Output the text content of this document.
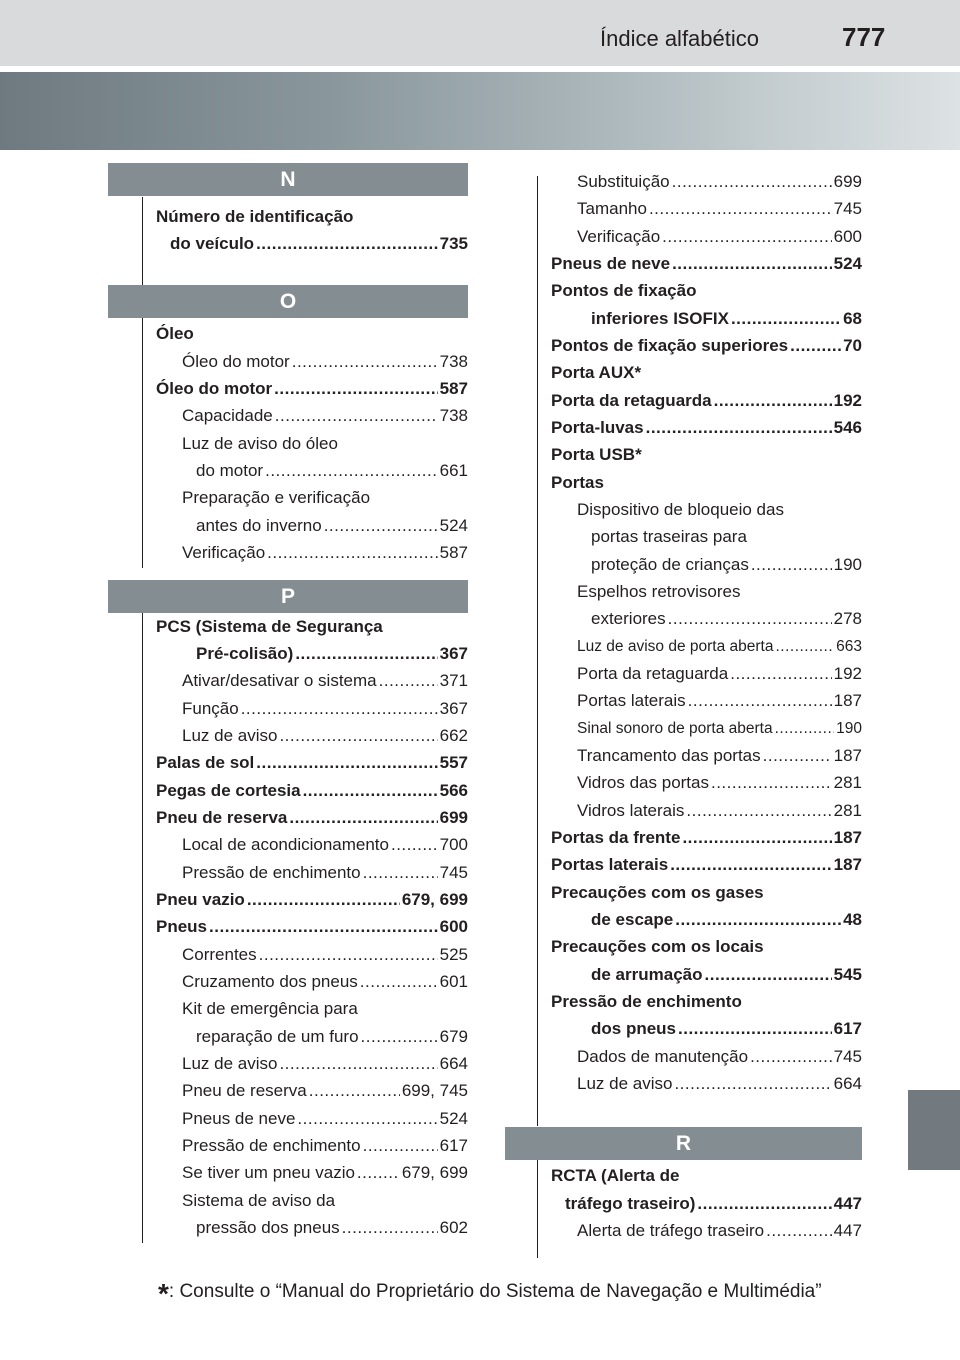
Índice alfabético	777
N
O
P
R
Número de identificação
do veículo .....	735
Óleo
Óleo do motor .....	738
Óleo do motor .....	587
Capacidade .....	738
Luz de aviso do óleo
do motor .....	661
Preparação e verificação
antes do inverno .....	524
Verificação .....	587
PCS (Sistema de Segurança
Pré-colisão) .....	367
Ativar/desativar o sistema .....	371
Função .....	367
Luz de aviso .....	662
Palas de sol .....	557
Pegas de cortesia .....	566
Pneu de reserva .....	699
Local de acondicionamento .....	700
Pressão de enchimento .....	745
Pneu vazio .....	679, 699
Pneus .....	600
Correntes .....	525
Cruzamento dos pneus .....	601
Kit de emergência para
reparação de um furo .....	679
Luz de aviso .....	664
Pneu de reserva .....	699, 745
Pneus de neve .....	524
Pressão de enchimento .....	617
Se tiver um pneu vazio .....	679, 699
Sistema de aviso da
pressão dos pneus .....	602
Substituição .....	699
Tamanho .....	745
Verificação .....	600
Pneus de neve .....	524
Pontos de fixação
inferiores ISOFIX .....	68
Pontos de fixação superiores .....	70
Porta AUX*
Porta da retaguarda .....	192
Porta-luvas .....	546
Porta USB*
Portas
Dispositivo de bloqueio das
portas traseiras para
proteção de crianças .....	190
Espelhos retrovisores
exteriores .....	278
Luz de aviso de porta aberta .....	663
Porta da retaguarda .....	192
Portas laterais .....	187
Sinal sonoro de porta aberta .....	190
Trancamento das portas .....	187
Vidros das portas .....	281
Vidros laterais .....	281
Portas da frente .....	187
Portas laterais .....	187
Precauções com os gases
de escape .....	48
Precauções com os locais
de arrumação .....	545
Pressão de enchimento
dos pneus .....	617
Dados de manutenção .....	745
Luz de aviso .....	664
RCTA (Alerta de
tráfego traseiro) .....	447
Alerta de tráfego traseiro .....	447
*: Consulte o “Manual do Proprietário do Sistema de Navegação e Multimédia”
